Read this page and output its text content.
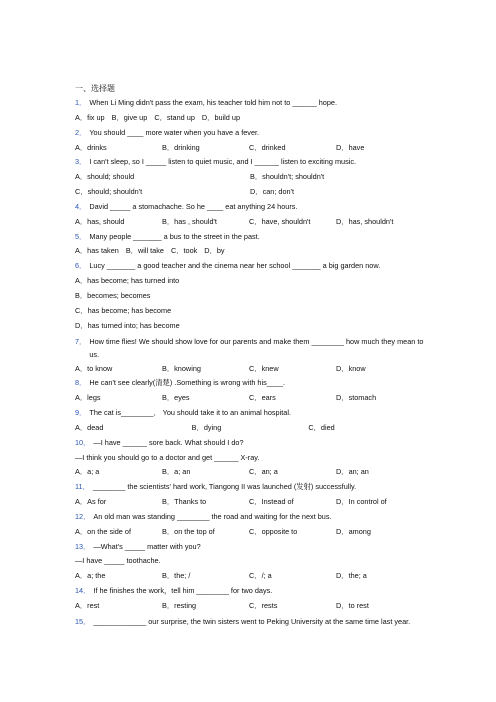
一、选择题
1． When Li Ming didn't pass the exam, his teacher told him not to ______ hope.
A．fix up B．give up C．stand up D．build up
2． You should ____ more water when you have a fever.
A．drinks	B．drinking	C．drinked	D．have
3． I can't sleep, so I _____ listen to quiet music, and I ______ listen to exciting music.
A．should; should	B．shouldn't; shouldn't
C．should; shouldn't	D．can; don't
4． David _____ a stomachache. So he ____ eat anything 24 hours.
A．has, should	B．has , should't	C．have, shouldn't	D．has, shouldn't
5． Many people _______ a bus to the street in the past.
A．has taken B．will take C．took D．by
6． Lucy _______ a good teacher and the cinema near her school _______ a big garden now.
A．has become; has turned into
B．becomes; becomes
C．has become; has become
D．has turned into; has become
7． How time flies! We should show love for our parents and make them ________ how much they mean to us.
A．to know	B．knowing	C．knew	D．know
8． He can't see clearly(清楚) .Something is wrong with his____.
A．legs	B．eyes	C．ears	D．stomach
9． The cat is________． You should take it to an animal hospital.
A．dead	B．dying	C．died
10． —I have ______ sore back. What should I do?
—I think you should go to a doctor and get ______ X-ray.
A．a; a	B．a; an	C．an; a	D．an; an
11． ________ the scientists' hard work, Tiangong II was launched (发射) successfully.
A．As for	B．Thanks to	C．Instead of	D．In control of
12． An old man was standing ________ the road and waiting for the next bus.
A．on the side of	B．on the top of	C．opposite to	D．among
13． —What's _____ matter with you?
—I have _____ toothache.
A．a; the	B．the; /	C．/; a	D．the; a
14． If he finishes the work，tell him ________ for two days.
A．rest	B．resting	C．rests	D．to rest
15． _____________ our surprise, the twin sisters went to Peking University at the same time last year.
